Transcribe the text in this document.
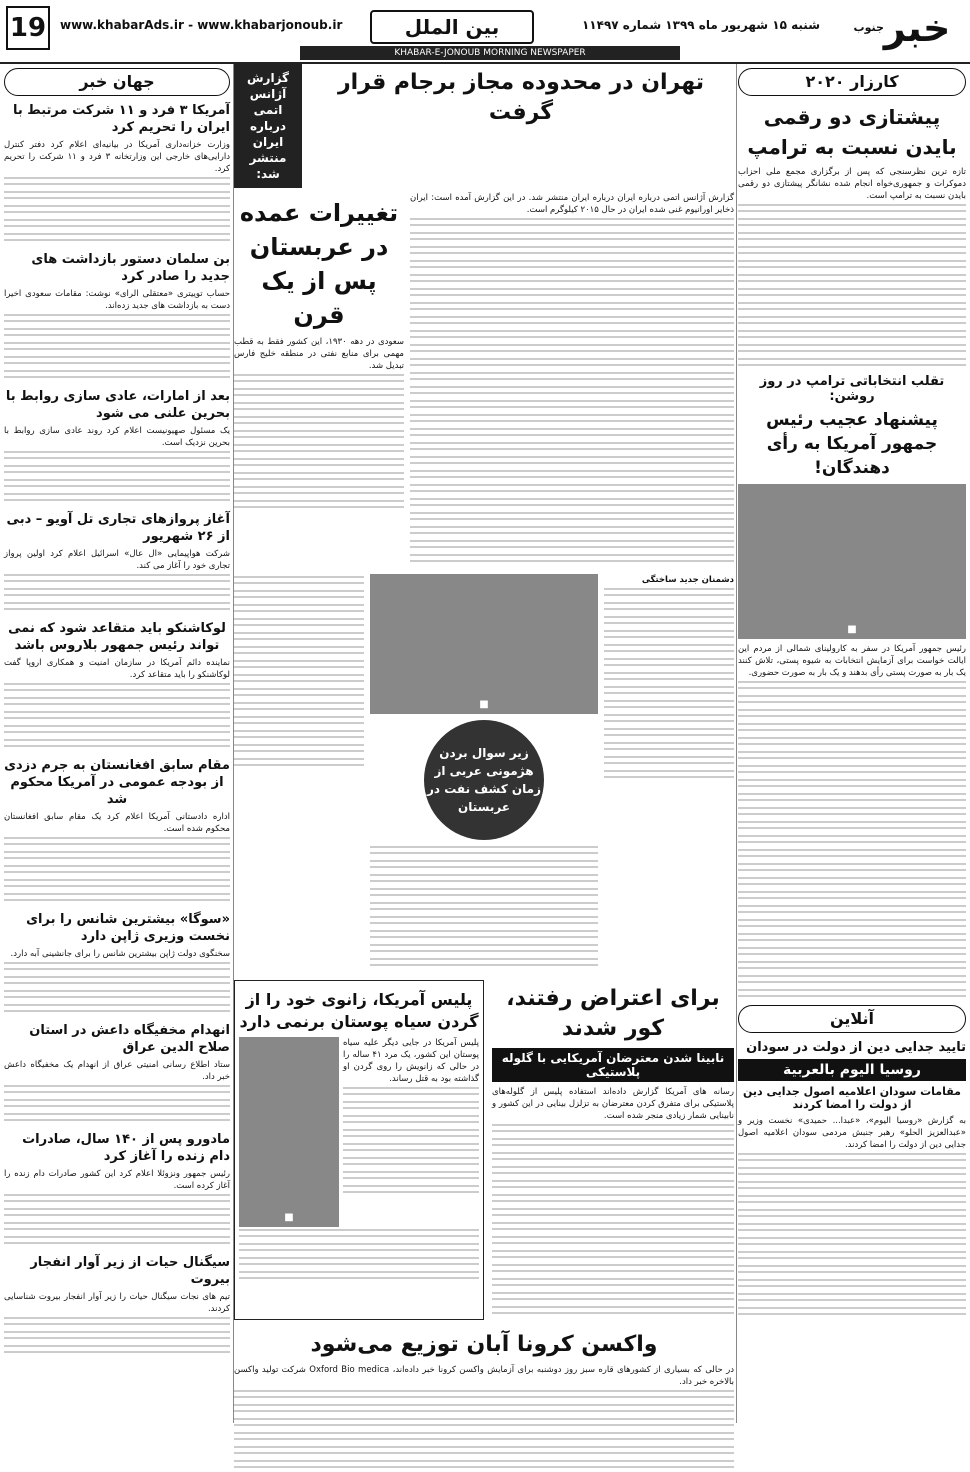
خبر$^{جنوب}$
شنبه ۱۵ شهریور ماه ۱۳۹۹ شماره ۱۱۴۹۷
بین الملل
www.khabarAds.ir - www.khabarjonoub.ir
19
KHABAR-E-JONOUB MORNING NEWSPAPER
کارزار ۲۰۲۰
پیشتازی دو رقمی بایدن نسبت به ترامپ
تازه ترین نظرسنجی که پس از برگزاری مجمع ملی احزاب دموکرات و جمهوری‌خواه انجام شده نشانگر پیشتازی دو رقمی بایدن نسبت به ترامپ است.
تقلب انتخاباتی ترامپ در روز روشن:
پیشنهاد عجیب رئیس جمهور آمریکا به رأی دهندگان!
■
رئیس جمهور آمریکا در سفر به کارولینای شمالی از مردم این ایالت خواست برای آزمایش انتخابات به شیوه پستی، تلاش کنند یک بار به صورت پستی رأی بدهند و یک بار به صورت حضوری.
آنلاین
تایید جدایی دین از دولت در سودان
روسيا اليوم بالعربية
مقامات سودان اعلامیه اصول جدایی دین از دولت را امضا کردند
به گزارش «روسیا الیوم»، «عبدا... حمیدی» نخست وزیر و «عبدالعزیز الحلو» رهبر جنبش مردمی سودان اعلامیه اصول جدایی دین از دولت را امضا کردند.
تهران در محدوده مجاز برجام قرار گرفت
گزارش آژانس اتمی درباره ایران منتشر شد:
گزارش آژانس اتمی درباره ایران درباره ایران منتشر شد. در این گزارش آمده است: ایران ذخایر اورانیوم غنی شده ایران در حال ۲۰۱۵ کیلوگرم است.
تغییرات عمده در عربستان پس از یک قرن
سعودی در دهه ۱۹۳۰، این کشور فقط به قطب مهمی برای منابع نفتی در منطقه خلیج فارس تبدیل شد.
دشمنان جدید ساختگی
■
زیر سوال بردن هژمونی عربی از زمان کشف نفت در عربستان
برای اعتراض رفتند، کور شدند
نابینا شدن معترضان آمریکایی با گلوله پلاستیکی
رسانه های آمریکا گزارش داده‌اند استفاده پلیس از گلوله‌های پلاستیکی برای متفرق کردن معترضان به تزلزل بینایی در این کشور و نابینایی شمار زیادی منجر شده است.
پلیس آمریکا، زانوی خود را از گردن سیاه پوستان برنمی دارد
پلیس آمریکا در جایی دیگر علیه سیاه پوستان این کشور، یک مرد ۴۱ ساله را در حالی که زانویش را روی گردن او گذاشته بود به قتل رساند.
■
واکسن کرونا آبان توزیع می‌شود
در حالی که بسیاری از کشورهای قاره سبز روز دوشنبه برای آزمایش واکسن کرونا خبر داده‌اند، Oxford Bio medica شرکت تولید واکسن بالاخره خبر داد.
جهان خبر
آمریکا ۳ فرد و ۱۱ شرکت مرتبط با ایران را تحریم کرد
وزارت خزانه‌داری آمریکا در بیانیه‌ای اعلام کرد دفتر کنترل دارایی‌های خارجی این وزارتخانه ۳ فرد و ۱۱ شرکت را تحریم کرد.
بن سلمان دستور بازداشت های جدید را صادر کرد
حساب توییتری «معتقلی الرای» نوشت: مقامات سعودی اخیرا دست به بازداشت های جدید زده‌اند.
بعد از امارات، عادی سازی روابط با بحرین علنی می شود
یک مسئول صهیونیست اعلام کرد روند عادی سازی روابط با بحرین نزدیک است.
آغاز پروازهای تجاری تل آویو – دبی از ۲۶ شهریور
شرکت هواپیمایی «ال عال» اسرائیل اعلام کرد اولین پرواز تجاری خود را آغاز می کند.
لوکاشنکو باید متقاعد شود که نمی تواند رئیس جمهور بلاروس باشد
نماینده دائم آمریکا در سازمان امنیت و همکاری اروپا گفت لوکاشنکو را باید متقاعد کرد.
مقام سابق افغانستان به جرم دزدی از بودجه عمومی در آمریکا محکوم شد
اداره دادستانی آمریکا اعلام کرد یک مقام سابق افغانستان محکوم شده است.
«سوگا» بیشترین شانس را برای نخست وزیری ژاپن دارد
سخنگوی دولت ژاپن بیشترین شانس را برای جانشینی آبه دارد.
انهدام مخفیگاه داعش در استان صلاح الدین عراق
ستاد اطلاع رسانی امنیتی عراق از انهدام یک مخفیگاه داعش خبر داد.
مادورو پس از ۱۴۰ سال، صادرات دام زنده را آغاز کرد
رئیس جمهور ونزوئلا اعلام کرد این کشور صادرات دام زنده را آغاز کرده است.
سیگنال حیات از زیر آوار انفجار بیروت
تیم های نجات سیگنال حیات را زیر آوار انفجار بیروت شناسایی کردند.
